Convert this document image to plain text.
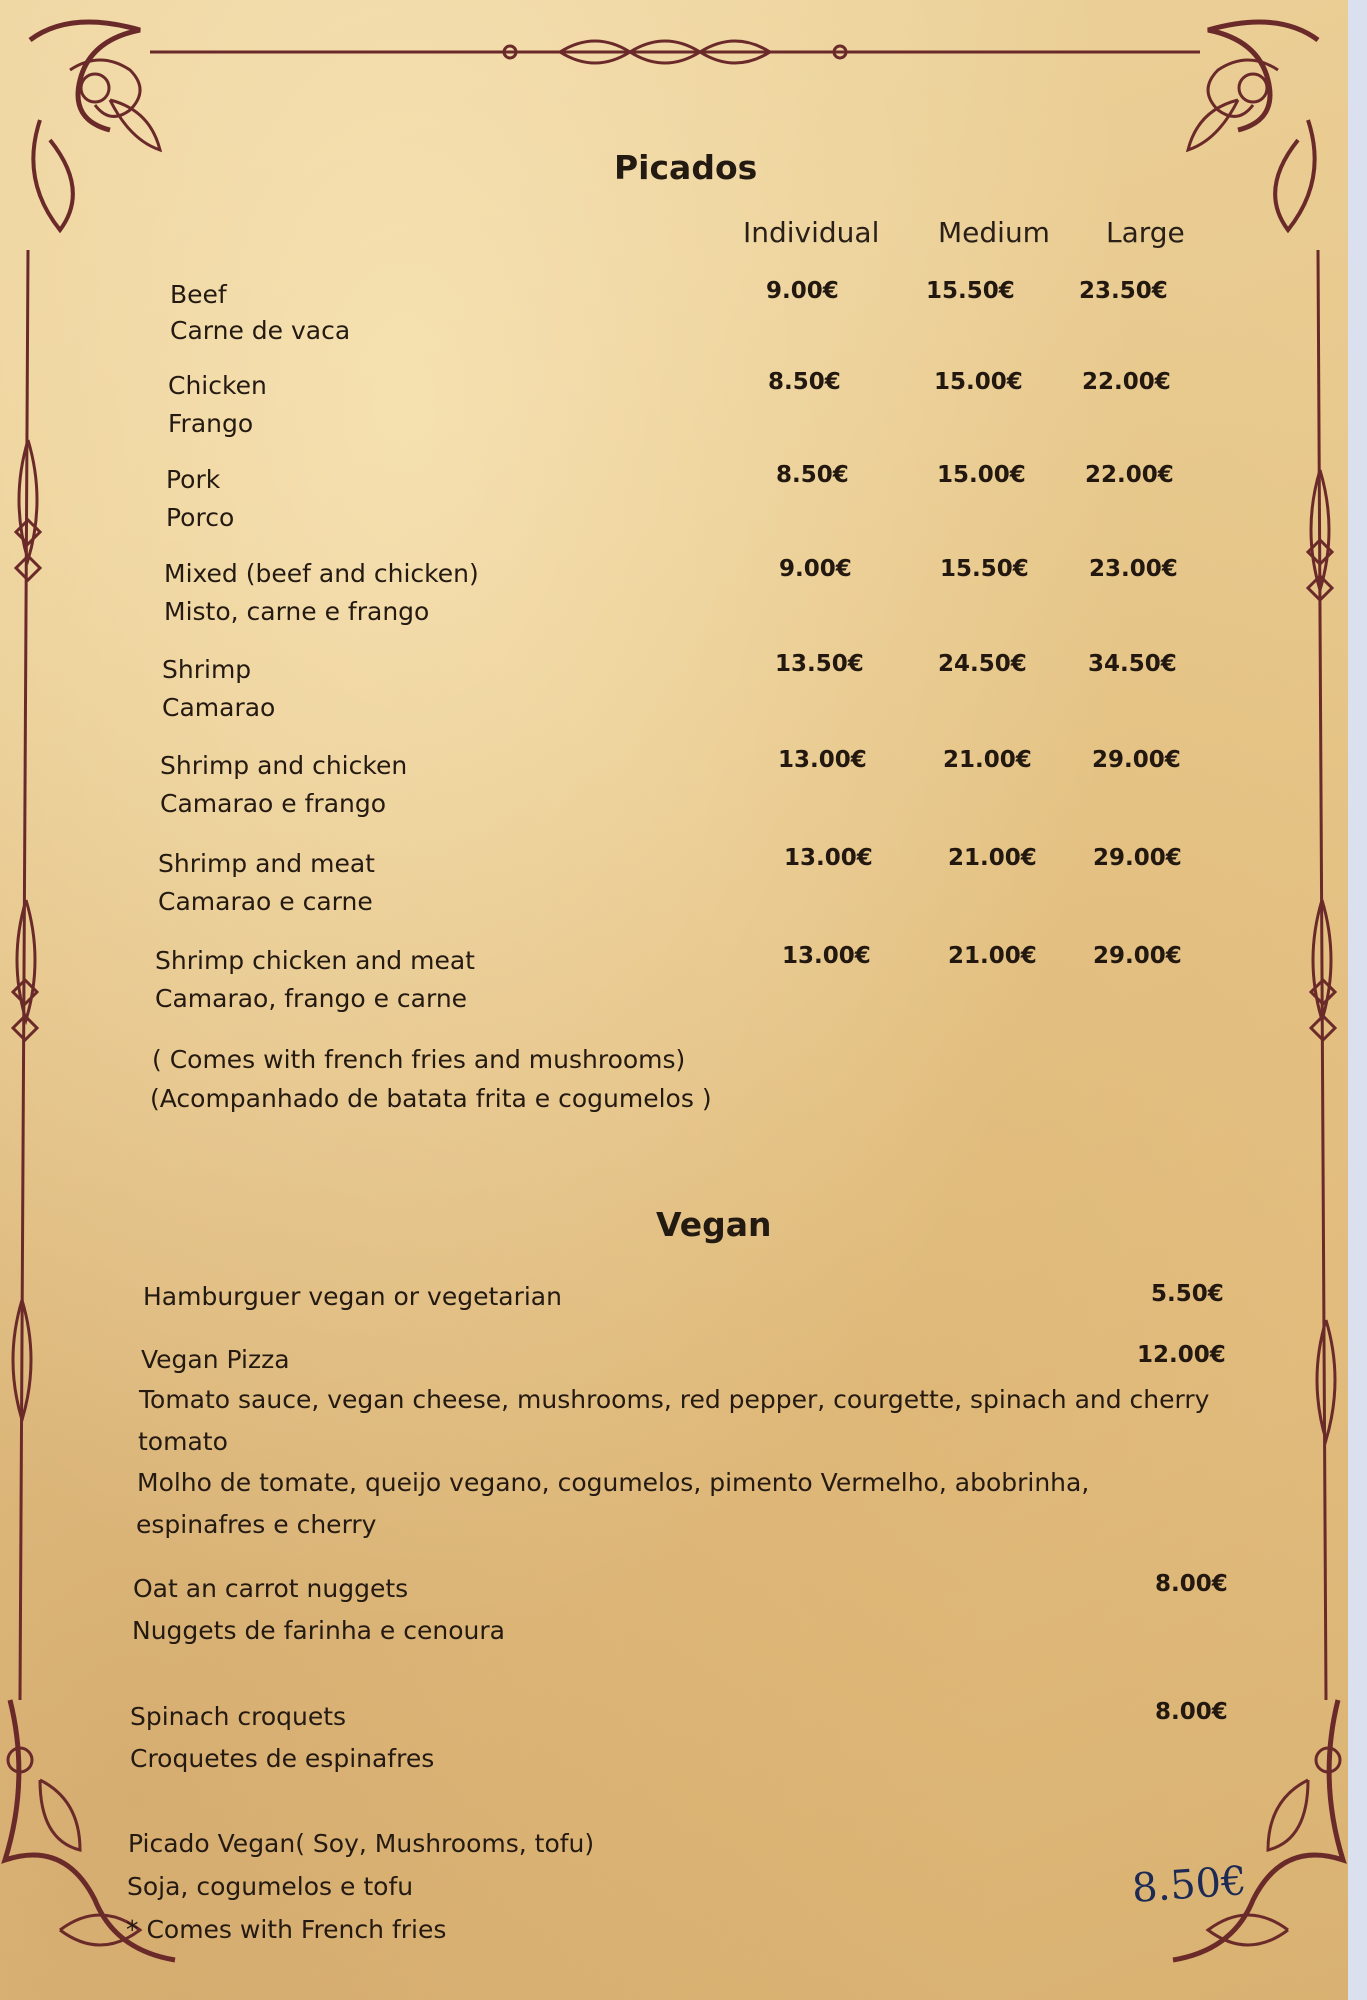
Picados
Individual Medium Large
Beef
Carne de vaca
9.00€	15.50€	23.50€
Chicken
Frango
8.50€	15.00€	22.00€
Pork
Porco
8.50€	15.00€	22.00€
Mixed (beef and chicken)
Misto, carne e frango
9.00€	15.50€	23.00€
Shrimp
Camarao
13.50€	24.50€	34.50€
Shrimp and chicken
Camarao e frango
13.00€	21.00€	29.00€
Shrimp and meat
Camarao e carne
13.00€	21.00€ 29.00€
Shrimp chicken and meat
Camarao, frango e carne
13.00€	21.00€ 29.00€
( Comes with french fries and mushrooms)
(Acompanhado de batata frita e cogumelos )
Vegan
Hamburguer vegan or vegetarian	5.50€
Vegan Pizza
Tomato sauce, vegan cheese, mushrooms, red pepper, courgette, spinach and cherry
tomato
Molho de tomate, queijo vegano, cogumelos, pimento Vermelho, abobrinha,
espinafres e cherry
12.00€
Oat an carrot nuggets
Nuggets de farinha e cenoura
8.00€
Spinach croquets
Croquetes de espinafres
8.00€
Picado Vegan( Soy, Mushrooms, tofu)
Soja, cogumelos e tofu
* Comes with French fries
8.50€
